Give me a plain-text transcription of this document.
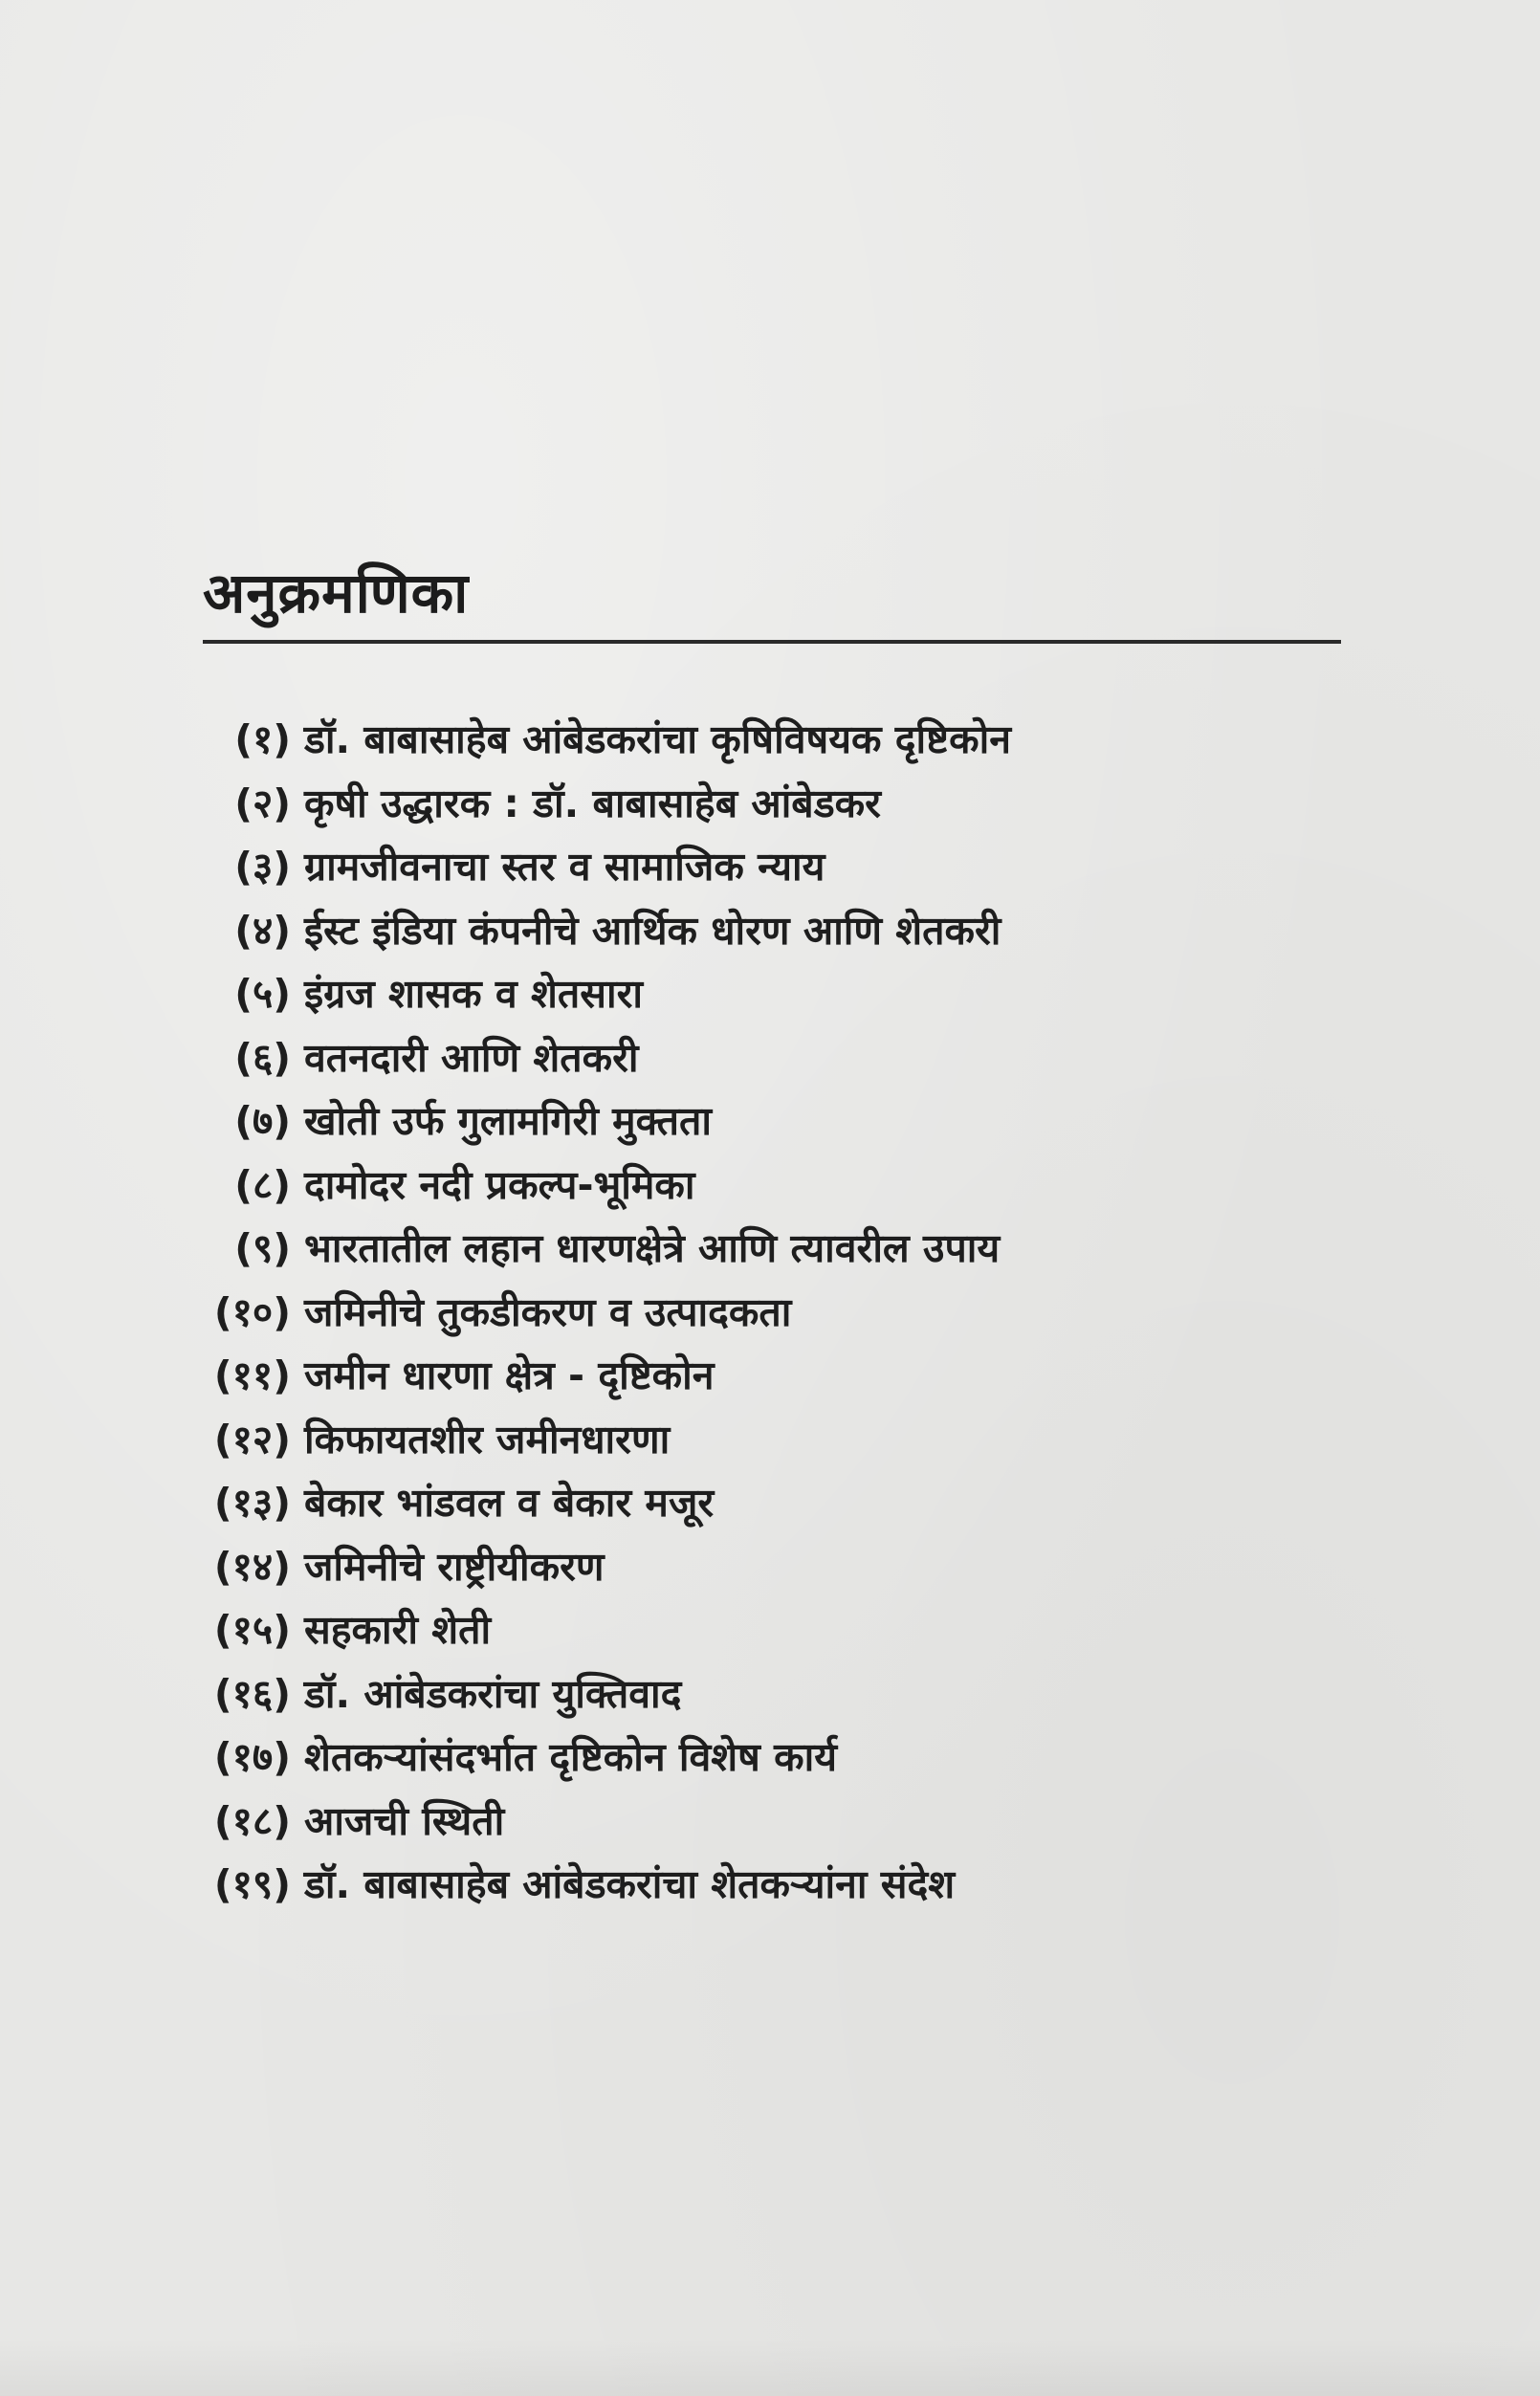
अनुक्रमणिका
(१) डॉ. बाबासाहेब आंबेडकरांचा कृषिविषयक दृष्टिकोन
(२) कृषी उद्धारक : डॉ. बाबासाहेब आंबेडकर
(३) ग्रामजीवनाचा स्तर व सामाजिक न्याय
(४) ईस्ट इंडिया कंपनीचे आर्थिक धोरण आणि शेतकरी
(५) इंग्रज शासक व शेतसारा
(६) वतनदारी आणि शेतकरी
(७) खोती उर्फ गुलामगिरी मुक्तता
(८) दामोदर नदी प्रकल्प-भूमिका
(९) भारतातील लहान धारणक्षेत्रे आणि त्यावरील उपाय
(१०) जमिनीचे तुकडीकरण व उत्पादकता
(११) जमीन धारणा क्षेत्र - दृष्टिकोन
(१२) किफायतशीर जमीनधारणा
(१३) बेकार भांडवल व बेकार मजूर
(१४) जमिनीचे राष्ट्रीयीकरण
(१५) सहकारी शेती
(१६) डॉ. आंबेडकरांचा युक्तिवाद
(१७) शेतकऱ्यांसंदर्भात दृष्टिकोन विशेष कार्य
(१८) आजची स्थिती
(१९) डॉ. बाबासाहेब आंबेडकरांचा शेतकऱ्यांना संदेश
